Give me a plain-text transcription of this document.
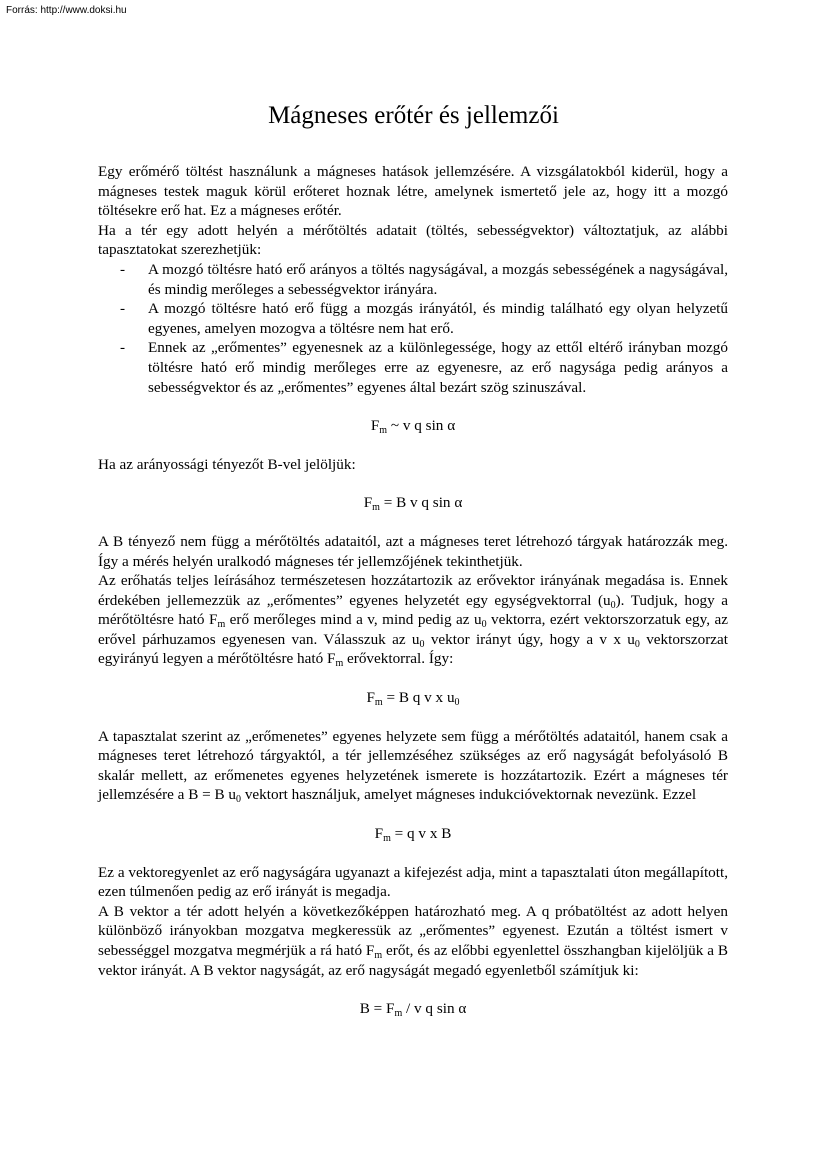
Forrás: http://www.doksi.hu
Mágneses erőtér és jellemzői

Egy erőmérő töltést használunk a mágneses hatások jellemzésére. A vizsgálatokból kiderül, hogy a mágneses testek maguk körül erőteret hoznak létre, amelynek ismertető jele az, hogy itt a mozgó töltésekre erő hat. Ez a mágneses erőtér.

Ha a tér egy adott helyén a mérőtöltés adatait (töltés, sebességvektor) változtatjuk, az alábbi tapasztatokat szerezhetjük:

- A mozgó töltésre ható erő arányos a töltés nagyságával, a mozgás sebességének a nagyságával, és mindig merőleges a sebességvektor irányára.
- A mozgó töltésre ható erő függ a mozgás irányától, és mindig található egy olyan helyzetű egyenes, amelyen mozogva a töltésre nem hat erő.
- Ennek az „erőmentes” egyenesnek az a különlegessége, hogy az ettől eltérő irányban mozgó töltésre ható erő mindig merőleges erre az egyenesre, az erő nagysága pedig arányos a sebességvektor és az „erőmentes” egyenes által bezárt szög szinuszával.

$F_m$ ~ v q sin α

Ha az arányossági tényezőt B-vel jelöljük:

$F_m = B$ v q sin α

A B tényező nem függ a mérőtöltés adataitól, azt a mágneses teret létrehozó tárgyak határozzák meg. Így a mérés helyén uralkodó mágneses tér jellemzőjének tekinthetjük.

Az erőhatás teljes leírásához természetesen hozzátartozik az erővektor irányának megadása is. Ennek érdekében jellemezzük az „erőmentes” egyenes helyzetét egy egységvektorral $(u_0)$. Tudjuk, hogy a mérőtöltésre ható $F_m$ erő merőleges mind a v, mind pedig az $u_0$ vektorra, ezért vektorszorzatuk egy, az erővel párhuzamos egyenesen van. Válasszuk az $u_0$ vektor irányt úgy, hogy a v x $u_0$ vektorszorzat egyirányú legyen a mérőtöltésre ható $F_m$ erővektorral. Így:

$F_m = B$ q v x $u_0$

A tapasztalat szerint az „erőmenetes” egyenes helyzete sem függ a mérőtöltés adataitól, hanem csak a mágneses teret létrehozó tárgyaktól, a tér jellemzéséhez szükséges az erő nagyságát befolyásoló B skalár mellett, az erőmenetes egyenes helyzetének ismerete is hozzátartozik. Ezért a mágneses tér jellemzésére a B = B $u_0$ vektort használjuk, amelyet mágneses indukcióvektornak nevezünk. Ezzel

$F_m = q$ v x B

Ez a vektoregyenlet az erő nagyságára ugyanazt a kifejezést adja, mint a tapasztalati úton megállapított, ezen túlmenően pedig az erő irányát is megadja.

A B vektor a tér adott helyén a következőképpen határozható meg. A q próbatöltést az adott helyen különböző irányokban mozgatva megkeressük az „erőmentes” egyenest. Ezután a töltést ismert v sebességgel mozgatva megmérjük a rá ható $F_m$ erőt, és az előbbi egyenlettel összhangban kijelöljük a B vektor irányát. A B vektor nagyságát, az erő nagyságát megadó egyenletből számítjuk ki:

$B = F_m / v$ q sin α
